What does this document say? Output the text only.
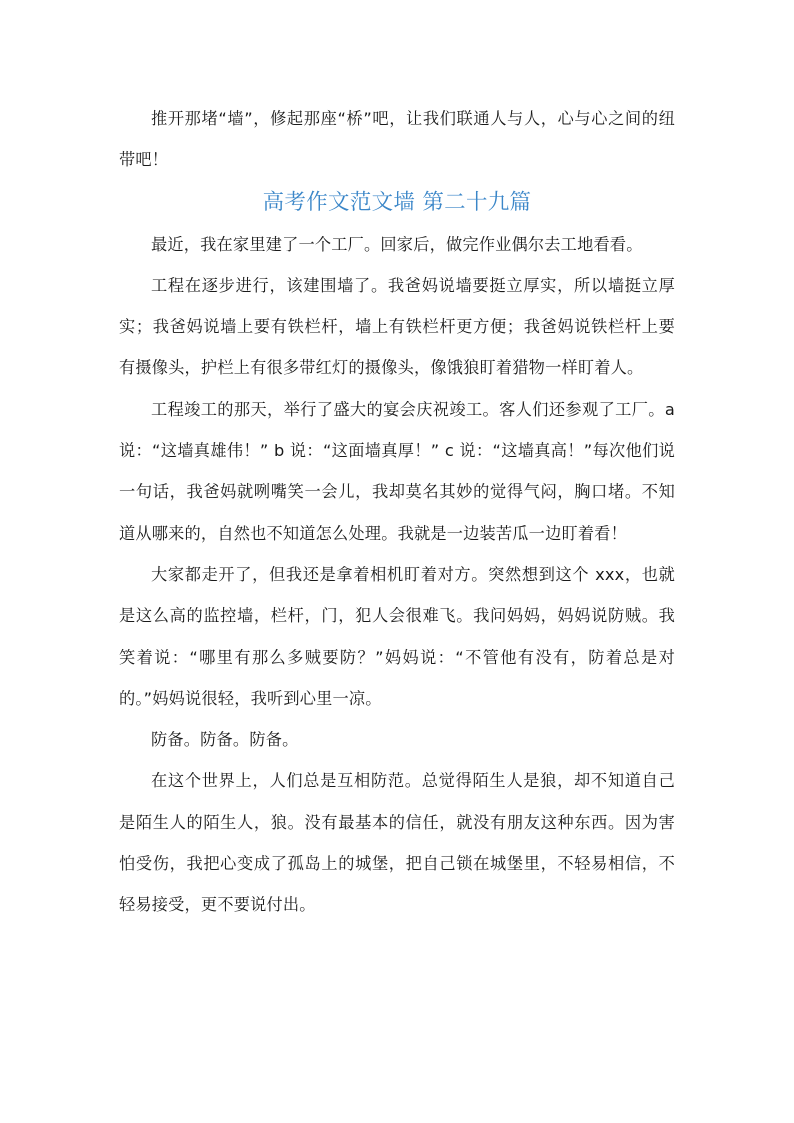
推开那堵“墙”，修起那座“桥”吧，让我们联通人与人，心与心之间的纽带吧！

高考作文范文墙 第二十九篇

最近，我在家里建了一个工厂。回家后，做完作业偶尔去工地看看。

工程在逐步进行，该建围墙了。我爸妈说墙要挺立厚实，所以墙挺立厚实；我爸妈说墙上要有铁栏杆，墙上有铁栏杆更方便；我爸妈说铁栏杆上要有摄像头，护栏上有很多带红灯的摄像头，像饿狼盯着猎物一样盯着人。

工程竣工的那天，举行了盛大的宴会庆祝竣工。客人们还参观了工厂。a 说：“这墙真雄伟！” b 说：“这面墙真厚！” c 说：“这墙真高！”每次他们说一句话，我爸妈就咧嘴笑一会儿，我却莫名其妙的觉得气闷，胸口堵。不知道从哪来的，自然也不知道怎么处理。我就是一边装苦瓜一边盯着看！

大家都走开了，但我还是拿着相机盯着对方。突然想到这个 xxx，也就是这么高的监控墙，栏杆，门，犯人会很难飞。我问妈妈，妈妈说防贼。我笑着说：“哪里有那么多贼要防？”妈妈说：“不管他有没有，防着总是对的。”妈妈说很轻，我听到心里一凉。

防备。防备。防备。

在这个世界上，人们总是互相防范。总觉得陌生人是狼，却不知道自己是陌生人的陌生人，狼。没有最基本的信任，就没有朋友这种东西。因为害怕受伤，我把心变成了孤岛上的城堡，把自己锁在城堡里，不轻易相信，不轻易接受，更不要说付出。
